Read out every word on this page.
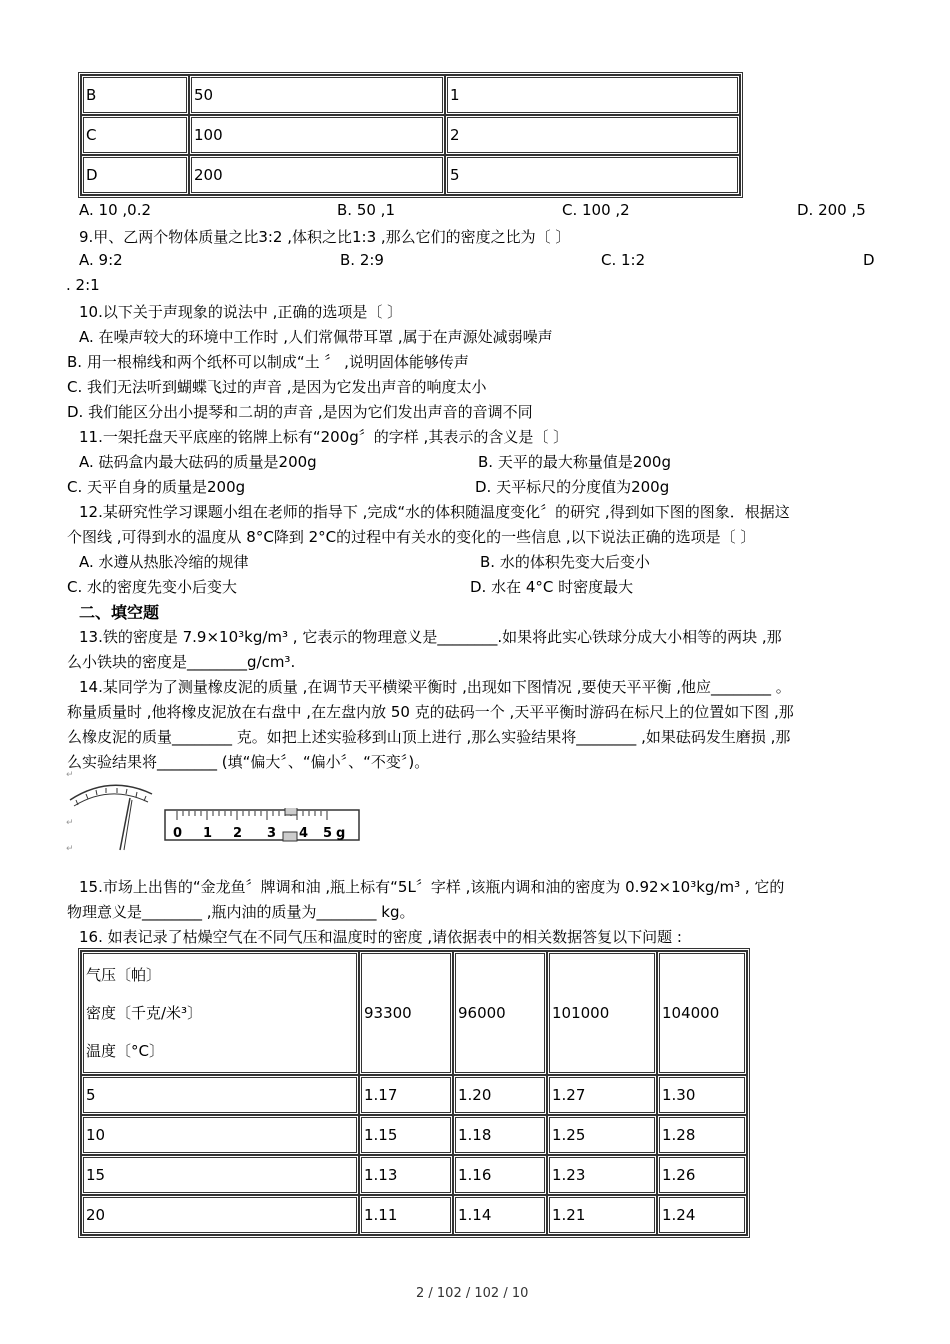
B	50	1
C	100	2
D	200	5
A. 10 ,0.2	B. 50 ,1	C. 100 ,2	D. 200 ,5
9.甲、乙两个物体质量之比3:2 ,体积之比1:3 ,那么它们的密度之比为〔 〕
A. 9:2	B. 2:9	C. 1:2	D
. 2:1
10.以下关于声现象的说法中 ,正确的选项是〔 〕
A. 在噪声较大的环境中工作时 ,人们常佩带耳罩 ,属于在声源处减弱噪声
B. 用一根棉线和两个纸杯可以制成“土 〞 ,说明固体能够传声
C. 我们无法听到蝴蝶飞过的声音 ,是因为它发出声音的响度太小
D. 我们能区分出小提琴和二胡的声音 ,是因为它们发出声音的音调不同
11.一架托盘天平底座的铭牌上标有“200g〞的字样 ,其表示的含义是〔 〕
A. 砝码盒内最大砝码的质量是200g	B. 天平的最大称量值是200g
C. 天平自身的质量是200g	D. 天平标尺的分度值为200g
12.某研究性学习课题小组在老师的指导下 ,完成“水的体积随温度变化〞的研究 ,得到如下图的图象．根据这
个图线 ,可得到水的温度从 8°C降到 2°C的过程中有关水的变化的一些信息 ,以下说法正确的选项是〔 〕
A. 水遵从热胀冷缩的规律	B. 水的体积先变大后变小
C. 水的密度先变小后变大	D. 水在 4°C 时密度最大
二、填空题
13.铁的密度是 7.9×10³kg/m³ , 它表示的物理意义是________.如果将此实心铁球分成大小相等的两块 ,那
么小铁块的密度是________g/cm³.
14.某同学为了测量橡皮泥的质量 ,在调节天平横梁平衡时 ,出现如下图情况 ,要使天平平衡 ,他应________ 。
称量质量时 ,他将橡皮泥放在右盘中 ,在左盘内放 50 克的砝码一个 ,天平平衡时游码在标尺上的位置如下图 ,那
么橡皮泥的质量________ 克。如把上述实验移到山顶上进行 ,那么实验结果将________ ,如果砝码发生磨损 ,那
么实验结果将________ (填“偏大〞、“偏小〞、“不变〞)。
↵
↵
↵
0 1 2 3 4 5 g
15.市场上出售的“金龙鱼〞牌调和油 ,瓶上标有“5L〞字样 ,该瓶内调和油的密度为 0.92×10³kg/m³ , 它的
物理意义是________ ,瓶内油的质量为________ kg。
16. 如表记录了枯燥空气在不同气压和温度时的密度 ,请依据表中的相关数据答复以下问题 :
气压〔帕〕
密度〔千克/米³〕
温度〔°C〕	93300	96000	101000	104000
5	1.17	1.20	1.27	1.30
10	1.15	1.18	1.25	1.28
15	1.13	1.16	1.23	1.26
20	1.11	1.14	1.21	1.24
2 / 102 / 102 / 10
